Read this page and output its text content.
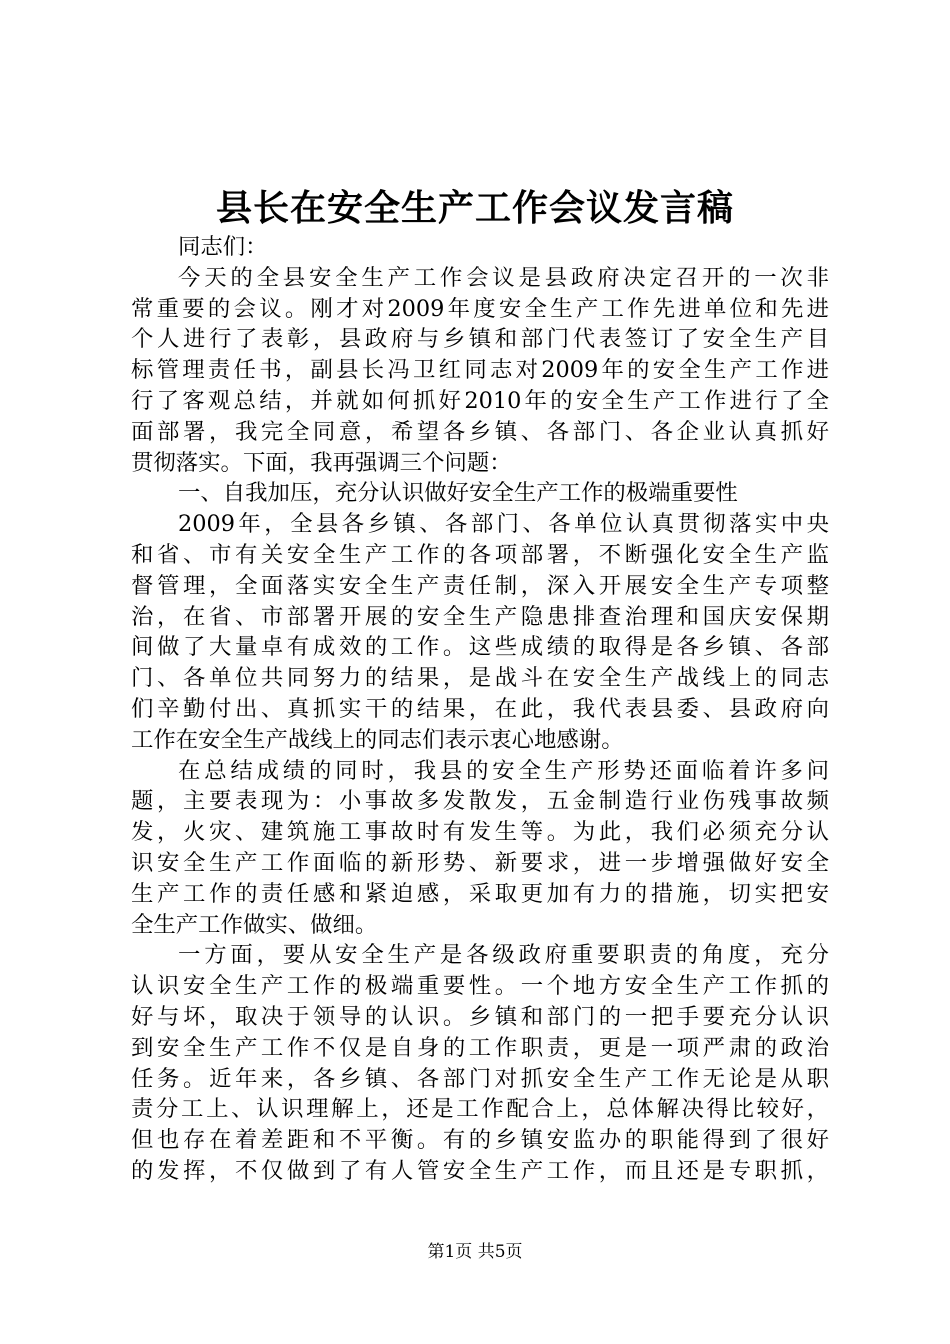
县长在安全生产工作会议发言稿
同志们：
今天的全县安全生产工作会议是县政府决定召开的一次非
常重要的会议。刚才对2009年度安全生产工作先进单位和先进
个人进行了表彰，县政府与乡镇和部门代表签订了安全生产目
标管理责任书，副县长冯卫红同志对2009年的安全生产工作进
行了客观总结，并就如何抓好2010年的安全生产工作进行了全
面部署，我完全同意，希望各乡镇、各部门、各企业认真抓好
贯彻落实。下面，我再强调三个问题：
一、自我加压，充分认识做好安全生产工作的极端重要性
2009年，全县各乡镇、各部门、各单位认真贯彻落实中央
和省、市有关安全生产工作的各项部署，不断强化安全生产监
督管理，全面落实安全生产责任制，深入开展安全生产专项整
治，在省、市部署开展的安全生产隐患排查治理和国庆安保期
间做了大量卓有成效的工作。这些成绩的取得是各乡镇、各部
门、各单位共同努力的结果，是战斗在安全生产战线上的同志
们辛勤付出、真抓实干的结果，在此，我代表县委、县政府向
工作在安全生产战线上的同志们表示衷心地感谢。
在总结成绩的同时，我县的安全生产形势还面临着许多问
题，主要表现为：小事故多发散发，五金制造行业伤残事故频
发，火灾、建筑施工事故时有发生等。为此，我们必须充分认
识安全生产工作面临的新形势、新要求，进一步增强做好安全
生产工作的责任感和紧迫感，采取更加有力的措施，切实把安
全生产工作做实、做细。
一方面，要从安全生产是各级政府重要职责的角度，充分
认识安全生产工作的极端重要性。一个地方安全生产工作抓的
好与坏，取决于领导的认识。乡镇和部门的一把手要充分认识
到安全生产工作不仅是自身的工作职责，更是一项严肃的政治
任务。近年来，各乡镇、各部门对抓安全生产工作无论是从职
责分工上、认识理解上，还是工作配合上，总体解决得比较好，
但也存在着差距和不平衡。有的乡镇安监办的职能得到了很好
的发挥，不仅做到了有人管安全生产工作，而且还是专职抓，
第1页 共5页
